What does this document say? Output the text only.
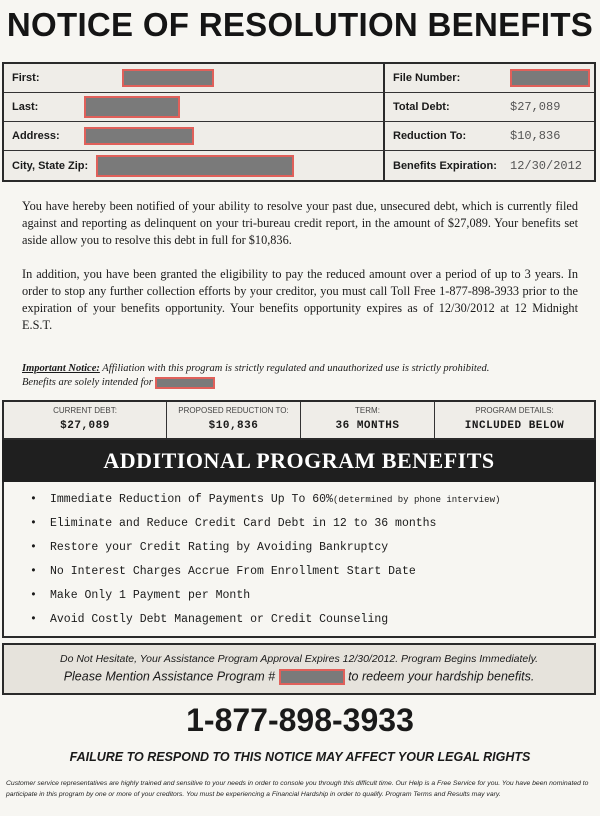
NOTICE OF RESOLUTION BENEFITS
First:	File Number:
Last:	Total Debt:	$27,089
Address:	Reduction To:	$10,836
City, State Zip:	Benefits Expiration:	12/30/2012

You have hereby been notified of your ability to resolve your past due, unsecured debt, which is currently filed against and reporting as delinquent on your tri-bureau credit report, in the amount of $27,089. Your benefits set aside allow you to resolve this debt in full for $10,836.

In addition, you have been granted the eligibility to pay the reduced amount over a period of up to 3 years. In order to stop any further collection efforts by your creditor, you must call Toll Free 1-877-898-3933 prior to the expiration of your benefits opportunity. Your benefits opportunity expires as of 12/30/2012 at 12 Midnight E.S.T.

Important Notice: Affiliation with this program is strictly regulated and unauthorized use is strictly prohibited.
Benefits are solely intended for
CURRENT DEBT:
$27,089
PROPOSED REDUCTION TO:
$10,836
TERM:
36 MONTHS
PROGRAM DETAILS:
INCLUDED BELOW
ADDITIONAL PROGRAM BENEFITS
•	Immediate Reduction of Payments Up To 60% (determined by phone interview)
•	Eliminate and Reduce Credit Card Debt in 12 to 36 months
•	Restore your Credit Rating by Avoiding Bankruptcy
•	No Interest Charges Accrue From Enrollment Start Date
•	Make Only 1 Payment per Month
•	Avoid Costly Debt Management or Credit Counseling
Do Not Hesitate, Your Assistance Program Approval Expires 12/30/2012. Program Begins Immediately.
Please Mention Assistance Program #	to redeem your hardship benefits.
1-877-898-3933
FAILURE TO RESPOND TO THIS NOTICE MAY AFFECT YOUR LEGAL RIGHTS
Customer service representatives are highly trained and sensitive to your needs in order to console you through this difficult time. Our Help is a Free Service for you. You have been nominated to participate in this program by one or more of your creditors. You must be experiencing a Financial Hardship in order to qualify. Program Terms and Results may vary.
